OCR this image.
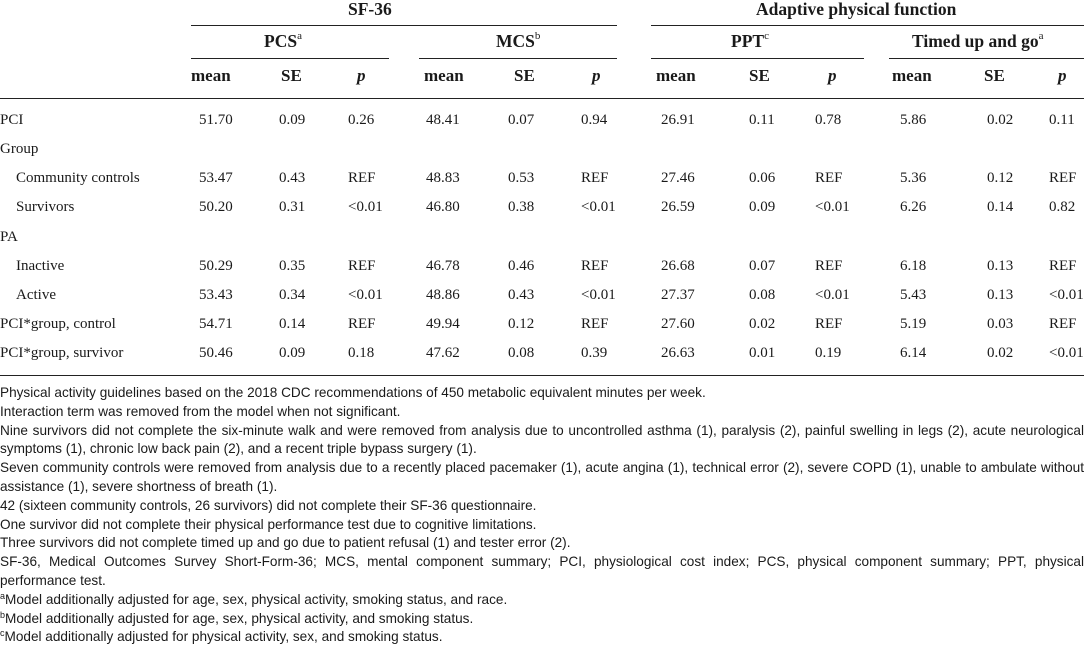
SF-36	Adaptive physical function
PCS$^a$	MCS$^b$	PPT$^c$	Timed up and $go^a$
mean	SE	p	mean	SE	p	mean	SE	p	mean	SE	p
PCI	51.70	0.09	0.26	48.41	0.07	0.94	26.91	0.11	0.78	5.86	0.02 0.11
Group
Community controls	53.47	0.43	REF	48.83	0.53	REF	27.46	0.06	REF	5.36	0.12 REF
Survivors	50.20	0.31	<0.01	46.80	0.38	<0.01	26.59	0.09	<0.01	6.26	0.14 0.82
PA
Inactive	50.29	0.35	REF	46.78	0.46	REF	26.68	0.07	REF	6.18	0.13 REF
Active	53.43	0.34	<0.01	48.86	0.43	<0.01	27.37	0.08	<0.01	5.43	0.13 <0.01
PCI*group, control	54.71	0.14	REF	49.94	0.12	REF	27.60	0.02	REF	5.19	0.03 REF
PCI*group, survivor	50.46	0.09	0.18	47.62	0.08	0.39	26.63	0.01	0.19	6.14	0.02 <0.01

Physical activity guidelines based on the 2018 CDC recommendations of 450 metabolic equivalent minutes per week.

Interaction term was removed from the model when not significant.

Nine survivors did not complete the six-minute walk and were removed from analysis due to uncontrolled asthma (1), paralysis (2), painful swelling in legs (2), acute neurological symptoms (1), chronic low back pain (2), and a recent triple bypass surgery (1).

Seven community controls were removed from analysis due to a recently placed pacemaker (1), acute angina (1), technical error (2), severe COPD (1), unable to ambulate without assistance (1), severe shortness of breath (1).

42 (sixteen community controls, 26 survivors) did not complete their SF-36 questionnaire.

One survivor did not complete their physical performance test due to cognitive limitations.

Three survivors did not complete timed up and go due to patient refusal (1) and tester error (2).

SF-36, Medical Outcomes Survey Short-Form-36; MCS, mental component summary; PCI, physiological cost index; PCS, physical component summary; PPT, physical performance test.

$^a$Model additionally adjusted for age, sex, physical activity, smoking status, and race.

$^b$Model additionally adjusted for age, sex, physical activity, and smoking status.

$^c$Model additionally adjusted for physical activity, sex, and smoking status.
